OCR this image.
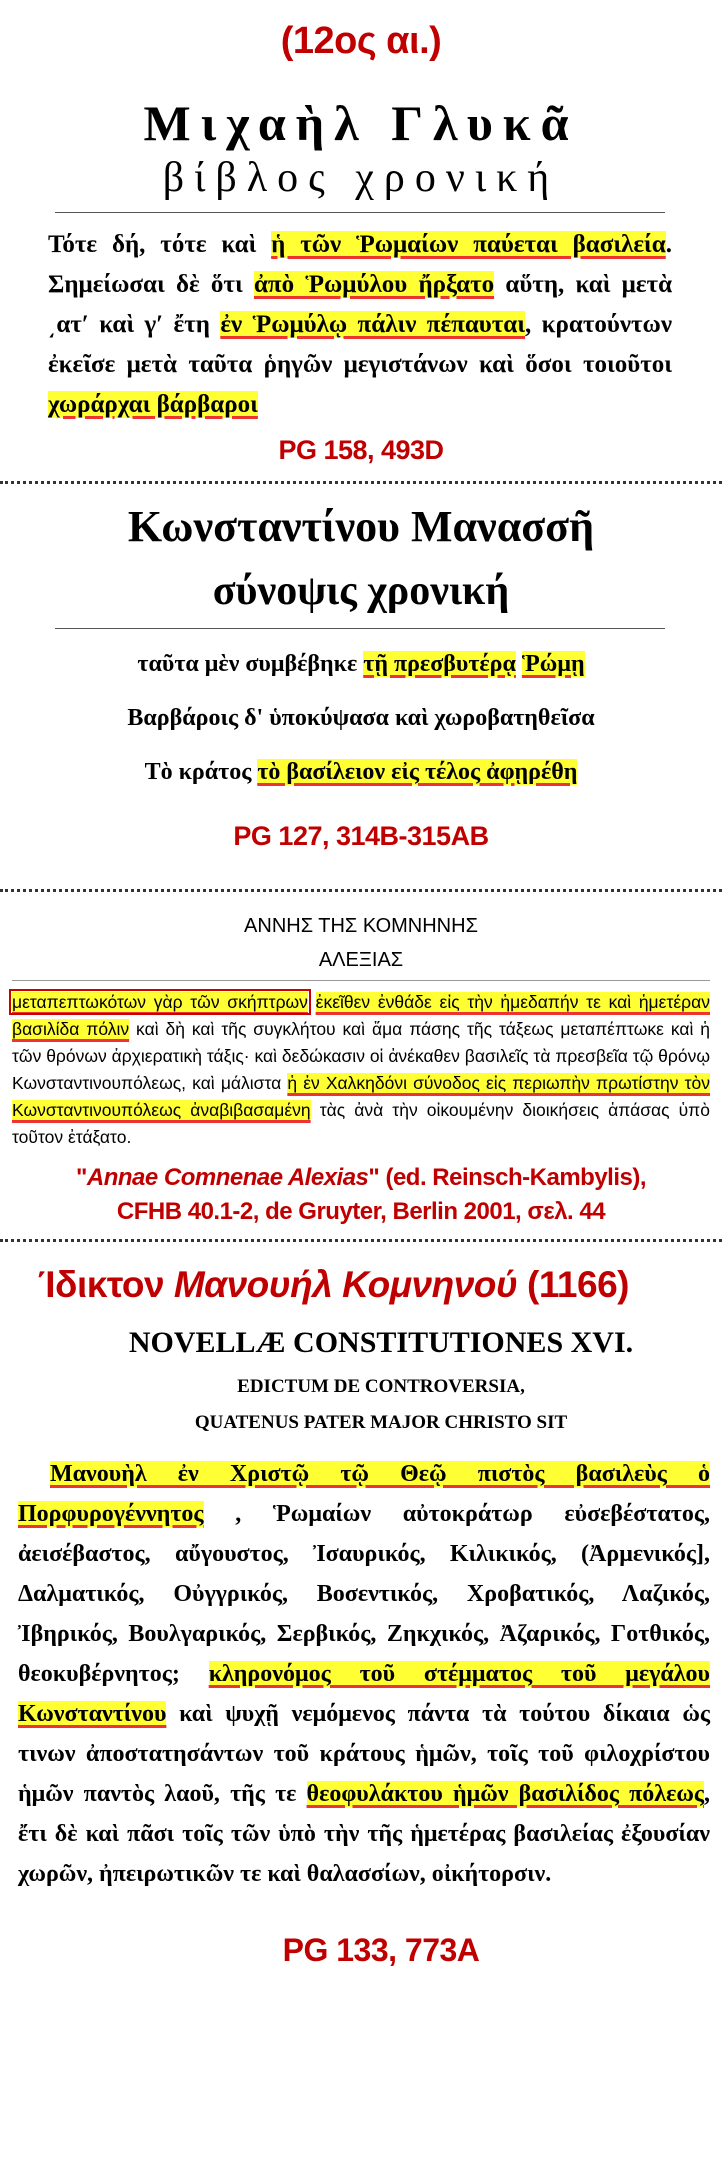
(12ος αι.)
Μιχαὴλ Γλυκᾶ
βίβλος χρονική
Τότε δή, τότε καὶ ἡ τῶν Ῥωμαίων παύεται βασιλεία. Σημείωσαι δὲ ὅτι ἀπὸ Ῥωμύλου ἤρξατο αὕτη, καὶ μετὰ ͵ατʹ καὶ γʹ ἔτη ἐν Ῥωμύλῳ πάλιν πέπαυται, κρατούντων ἐκεῖσε μετὰ ταῦτα ῥηγῶν μεγιστάνων καὶ ὅσοι τοιοῦτοι χωράρχαι βάρβαροι
PG 158, 493D
Κωνσταντίνου Μανασσῆ
σύνοψις χρονική
ταῦτα μὲν συμβέβηκε τῇ πρεσβυτέρᾳ Ῥώμῃ
Βαρβάροις δ' ὑποκύψασα καὶ χωροβατηθεῖσα
Τὸ κράτος τὸ βασίλειον εἰς τέλος ἀφῃρέθη
PG 127, 314B-315AB
ΑΝΝΗΣ ΤΗΣ ΚΟΜΝΗΝΗΣ
ΑΛΕΞΙΑΣ
μεταπεπτωκότων γὰρ τῶν σκήπτρων ἐκεῖθεν ἐνθάδε εἰς τὴν ἡμεδαπήν τε καὶ ἡμετέραν βασιλίδα πόλιν καὶ δὴ καὶ τῆς συγκλήτου καὶ ἅμα πάσης τῆς τάξεως μεταπέπτωκε καὶ ἡ τῶν θρόνων ἀρχιερατικὴ τάξις· καὶ δεδώκασιν οἱ ἀνέκαθεν βασιλεῖς τὰ πρεσβεῖα τῷ θρόνῳ Κωνσταντινουπόλεως, καὶ μάλιστα ἡ ἐν Χαλκηδόνι σύνοδος εἰς περιωπὴν πρωτίστην τὸν Κωνσταντινουπόλεως ἀναβιβασαμένη τὰς ἀνὰ τὴν οἰκουμένην διοικήσεις ἁπάσας ὑπὸ τοῦτον ἐτάξατο.
"Annae Comnenae Alexias" (ed. Reinsch-Kambylis),
CFHB 40.1-2, de Gruyter, Berlin 2001, σελ. 44
Ίδικτον Μανουήλ Κομνηνού (1166)
NOVELLÆ CONSTITUTIONES XVI.
EDICTUM DE CONTROVERSIA,
QUATENUS PATER MAJOR CHRISTO SIT
Μανουὴλ ἐν Χριστῷ τῷ Θεῷ πιστὸς βασιλεὺς ὁ Πορφυρογέννητος , Ῥωμαίων αὐτοκράτωρ εὐσεβέστατος, ἀεισέβαστος, αὔγουστος, Ἰσαυρικός, Κιλικικός, (Ἀρμενικός], Δαλματικός, Οὐγγρικός, Βοσεντικός, Χροβατικός, Λαζικός, Ἰβηρικός, Βουλγαρικός, Σερβικός, Ζηκχικός, Ἀζαρικός, Γοτθικός, θεοκυβέρνητος; κληρονόμος τοῦ στέμματος τοῦ μεγάλου Κωνσταντίνου καὶ ψυχῇ νεμόμενος πάντα τὰ τούτου δίκαια ὡς τινων ἀποστατησάντων τοῦ κράτους ἡμῶν, τοῖς τοῦ φιλοχρίστου ἡμῶν παντὸς λαοῦ, τῆς τε θεοφυλάκτου ἡμῶν βασιλίδος πόλεως, ἔτι δὲ καὶ πᾶσι τοῖς τῶν ὑπὸ τὴν τῆς ἡμετέρας βασιλείας ἐξουσίαν χωρῶν, ἠπειρωτικῶν τε καὶ θαλασσίων, οἰκήτορσιν.
PG 133, 773A
